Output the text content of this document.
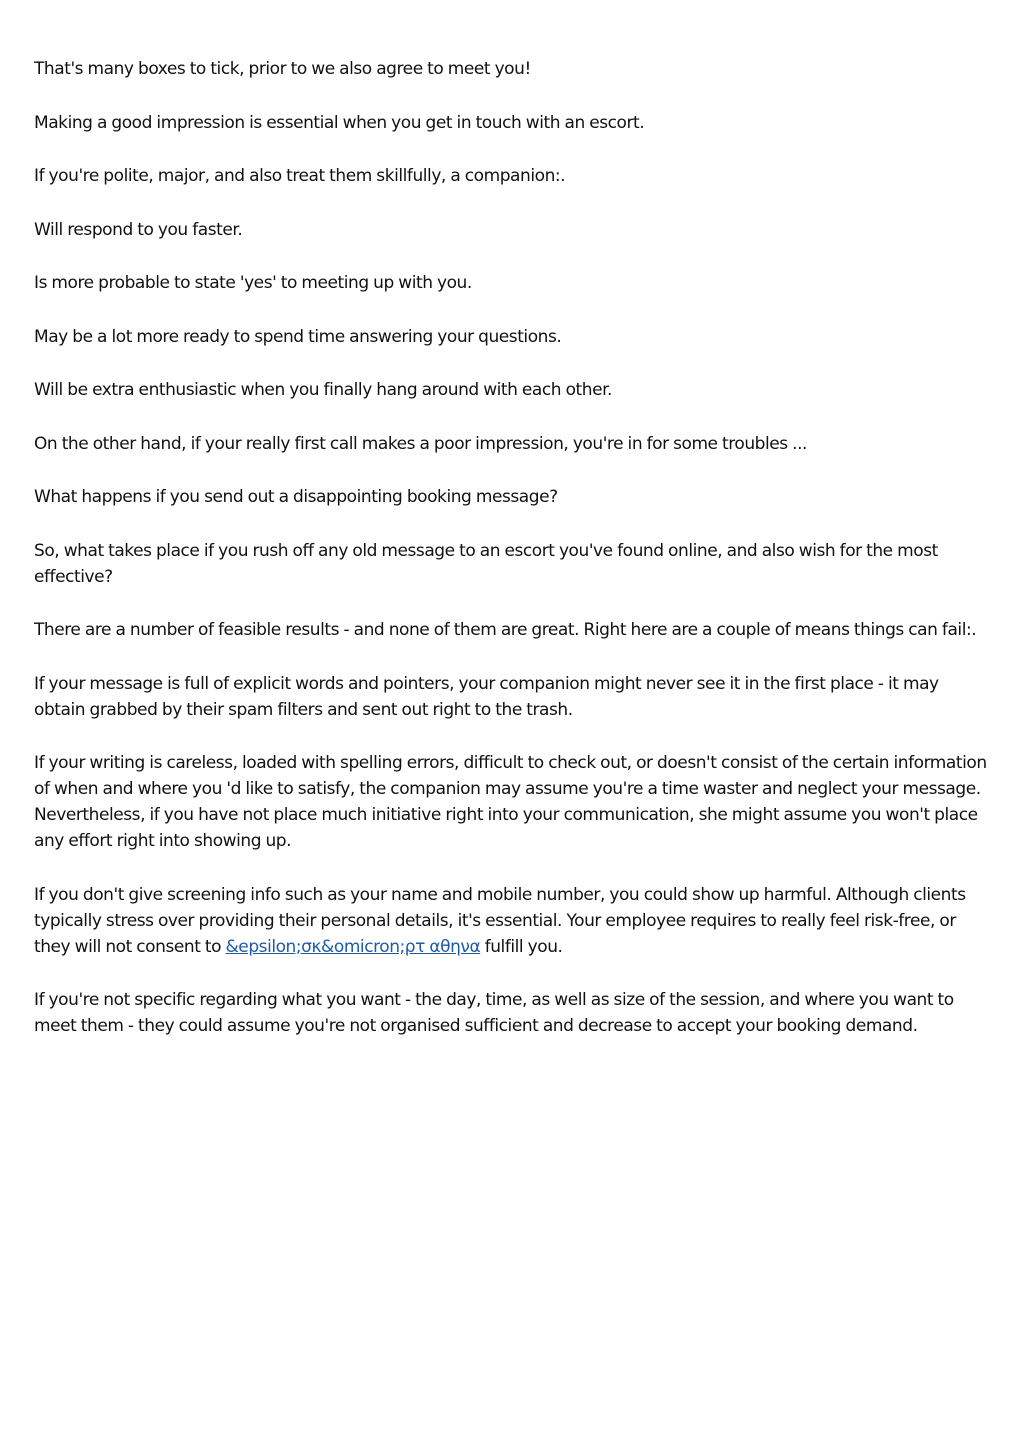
That's many boxes to tick, prior to we also agree to meet you!

Making a good impression is essential when you get in touch with an escort.

If you're polite, major, and also treat them skillfully, a companion:.

Will respond to you faster.

Is more probable to state 'yes' to meeting up with you.

May be a lot more ready to spend time answering your questions.

Will be extra enthusiastic when you finally hang around with each other.

On the other hand, if your really first call makes a poor impression, you're in for some troubles ...

What happens if you send out a disappointing booking message?

So, what takes place if you rush off any old message to an escort you've found online, and also wish for the most effective?

There are a number of feasible results - and none of them are great. Right here are a couple of means things can fail:.

If your message is full of explicit words and pointers, your companion might never see it in the first place - it may obtain grabbed by their spam filters and sent out right to the trash.

If your writing is careless, loaded with spelling errors, difficult to check out, or doesn't consist of the certain information of when and where you 'd like to satisfy, the companion may assume you're a time waster and neglect your message. Nevertheless, if you have not place much initiative right into your communication, she might assume you won't place any effort right into showing up.

If you don't give screening info such as your name and mobile number, you could show up harmful. Although clients typically stress over providing their personal details, it's essential. Your employee requires to really feel risk-free, or they will not consent to &epsilon;σκ&omicron;ρτ αθηνα fulfill you.

If you're not specific regarding what you want - the day, time, as well as size of the session, and where you want to meet them - they could assume you're not organised sufficient and decrease to accept your booking demand.
